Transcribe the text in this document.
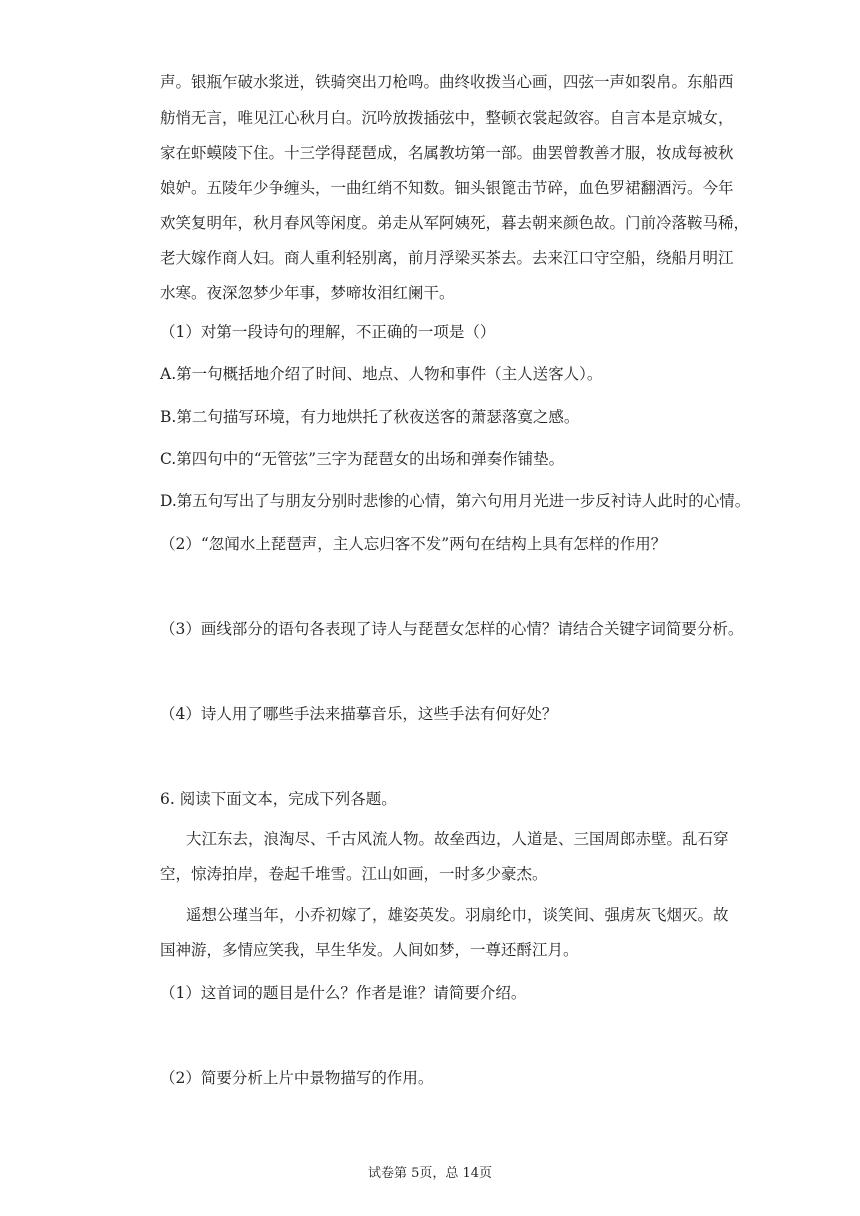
声。银瓶乍破水浆迸，铁骑突出刀枪鸣。曲终收拨当心画，四弦一声如裂帛。东船西
舫悄无言，唯见江心秋月白。沉吟放拨插弦中，整顿衣裳起敛容。自言本是京城女，
家在虾蟆陵下住。十三学得琵琶成，名属教坊第一部。曲罢曾教善才服，妆成每被秋
娘妒。五陵年少争缠头，一曲红绡不知数。钿头银篦击节碎，血色罗裙翻酒污。今年
欢笑复明年，秋月春风等闲度。弟走从军阿姨死，暮去朝来颜色故。门前冷落鞍马稀，
老大嫁作商人妇。商人重利轻别离，前月浮梁买茶去。去来江口守空船，绕船月明江
水寒。夜深忽梦少年事，梦啼妆泪红阑干。
（1）对第一段诗句的理解，不正确的一项是（）
A.第一句概括地介绍了时间、地点、人物和事件（主人送客人）。
B.第二句描写环境，有力地烘托了秋夜送客的萧瑟落寞之感。
C.第四句中的“无管弦”三字为琵琶女的出场和弹奏作铺垫。
D.第五句写出了与朋友分别时悲惨的心情，第六句用月光进一步反衬诗人此时的心情。
（2）“忽闻水上琵琶声，主人忘归客不发”两句在结构上具有怎样的作用？
（3）画线部分的语句各表现了诗人与琵琶女怎样的心情？请结合关键字词简要分析。
（4）诗人用了哪些手法来描摹音乐，这些手法有何好处？
6. 阅读下面文本，完成下列各题。
大江东去，浪淘尽、千古风流人物。故垒西边，人道是、三国周郎赤壁。乱石穿
空，惊涛拍岸，卷起千堆雪。江山如画，一时多少豪杰。
遥想公瑾当年，小乔初嫁了，雄姿英发。羽扇纶巾，谈笑间、强虏灰飞烟灭。故
国神游，多情应笑我，早生华发。人间如梦，一尊还酹江月。
（1）这首词的题目是什么？作者是谁？请简要介绍。
（2）简要分析上片中景物描写的作用。
试卷第 5页，总 14页
